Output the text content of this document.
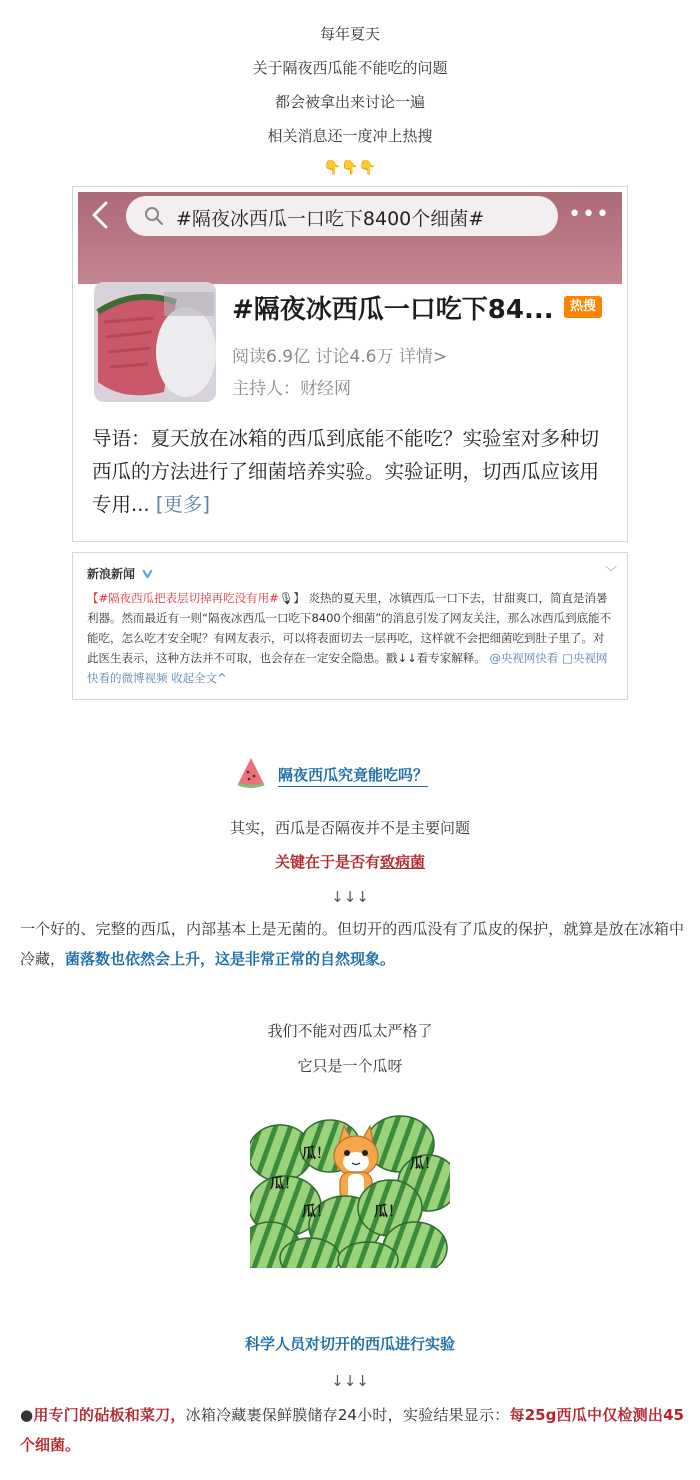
每年夏天
关于隔夜西瓜能不能吃的问题
都会被拿出来讨论一遍
相关消息还一度冲上热搜
👇👇👇
#隔夜冰西瓜一口吃下8400个细菌#	•••
#隔夜冰西瓜一口吃下84...	热搜
阅读6.9亿 讨论4.6万 详情>
主持人：财经网
导语：夏天放在冰箱的西瓜到底能不能吃？实验室对多种切西瓜的方法进行了细菌培养实验。实验证明，切西瓜应该用专用... [更多]
新浪新闻	﹀
【#隔夜西瓜把表层切掉再吃没有用#🎙】 炎热的夏天里，冰镇西瓜一口下去，甘甜爽口，简直是消暑利器。然而最近有一则“隔夜冰西瓜一口吃下8400个细菌”的消息引发了网友关注，那么冰西瓜到底能不能吃，怎么吃才安全呢？有网友表示，可以将表面切去一层再吃，这样就不会把细菌吃到肚子里了。对此医生表示，这种方法并不可取，也会存在一定安全隐患。戳↓↓看专家解释。 @央视网快看 □央视网快看的微博视频 收起全文^
隔夜西瓜究竟能吃吗？
其实，西瓜是否隔夜并不是主要问题
关键在于是否有致病菌
↓↓↓
一个好的、完整的西瓜，内部基本上是无菌的。但切开的西瓜没有了瓜皮的保护，就算是放在冰箱中冷藏，菌落数也依然会上升，这是非常正常的自然现象。
我们不能对西瓜太严格了
它只是一个瓜呀
瓜！
瓜！
瓜！
瓜！	瓜！
科学人员对切开的西瓜进行实验
↓↓↓
●用专门的砧板和菜刀，冰箱冷藏裹保鲜膜储存24小时，实验结果显示：每25g西瓜中仅检测出45个细菌。
